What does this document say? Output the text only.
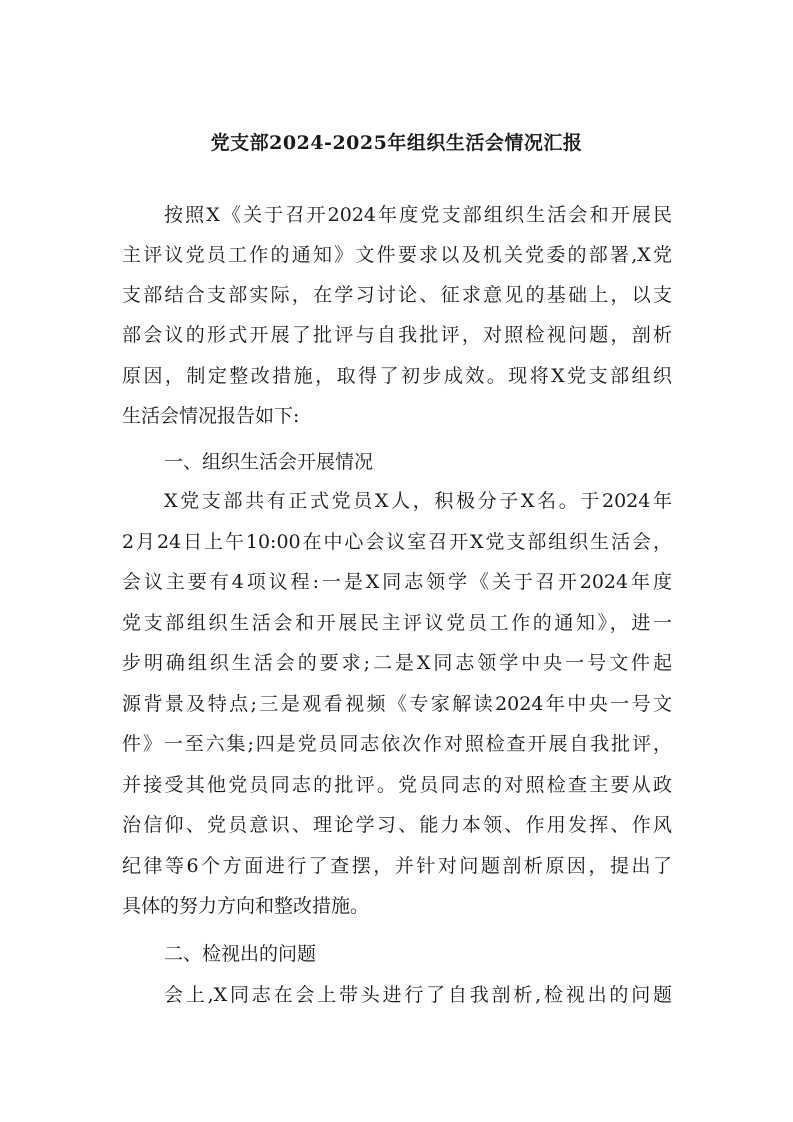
党支部2024-2025年组织生活会情况汇报
按照X《关于召开2024年度党支部组织生活会和开展民
主评议党员工作的通知》文件要求以及机关党委的部署,X党
支部结合支部实际，在学习讨论、征求意见的基础上，以支
部会议的形式开展了批评与自我批评，对照检视问题，剖析
原因，制定整改措施，取得了初步成效。现将X党支部组织
生活会情况报告如下:
一、组织生活会开展情况
X党支部共有正式党员X人，积极分子X名。于2024年
2月24日上午10:00在中心会议室召开X党支部组织生活会，
会议主要有4项议程:一是X同志领学《关于召开2024年度
党支部组织生活会和开展民主评议党员工作的通知》，进一
步明确组织生活会的要求;二是X同志领学中央一号文件起
源背景及特点;三是观看视频《专家解读2024年中央一号文
件》一至六集;四是党员同志依次作对照检查开展自我批评，
并接受其他党员同志的批评。党员同志的对照检查主要从政
治信仰、党员意识、理论学习、能力本领、作用发挥、作风
纪律等6个方面进行了查摆，并针对问题剖析原因，提出了
具体的努力方向和整改措施。
二、检视出的问题
会上,X同志在会上带头进行了自我剖析,检视出的问题
